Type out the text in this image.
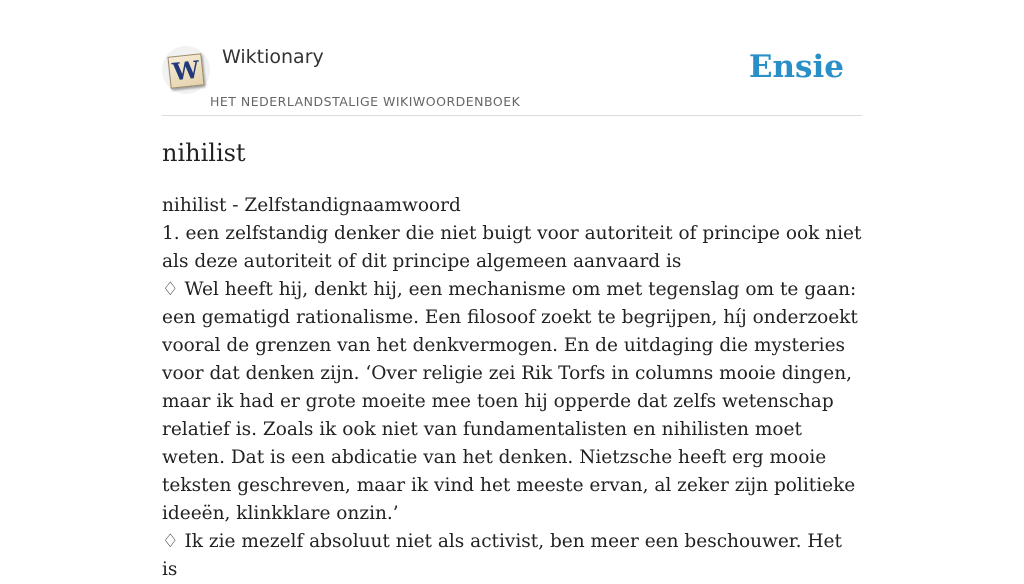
W Wiktionary
HET NEDERLANDSTALIGE WIKIWOORDENBOEK
Ensie
nihilist

nihilist - Zelfstandignaamwoord

1. een zelfstandig denker die niet buigt voor autoriteit of principe ook niet als deze autoriteit of dit principe algemeen aanvaard is

♢ Wel heeft hij, denkt hij, een mechanisme om met tegenslag om te gaan: een gematigd rationalisme. Een filosoof zoekt te begrijpen, híj onderzoekt vooral de grenzen van het denkvermogen. En de uitdaging die mysteries voor dat denken zijn. ‘Over religie zei Rik Torfs in columns mooie dingen, maar ik had er grote moeite mee toen hij opperde dat zelfs wetenschap relatief is. Zoals ik ook niet van fundamentalisten en nihilisten moet weten. Dat is een abdicatie van het denken. Nietzsche heeft erg mooie teksten geschreven, maar ik vind het meeste ervan, al zeker zijn politieke ideeën, klinkklare onzin.’

♢ Ik zie mezelf absoluut niet als activist, ben meer een beschouwer. Het is
